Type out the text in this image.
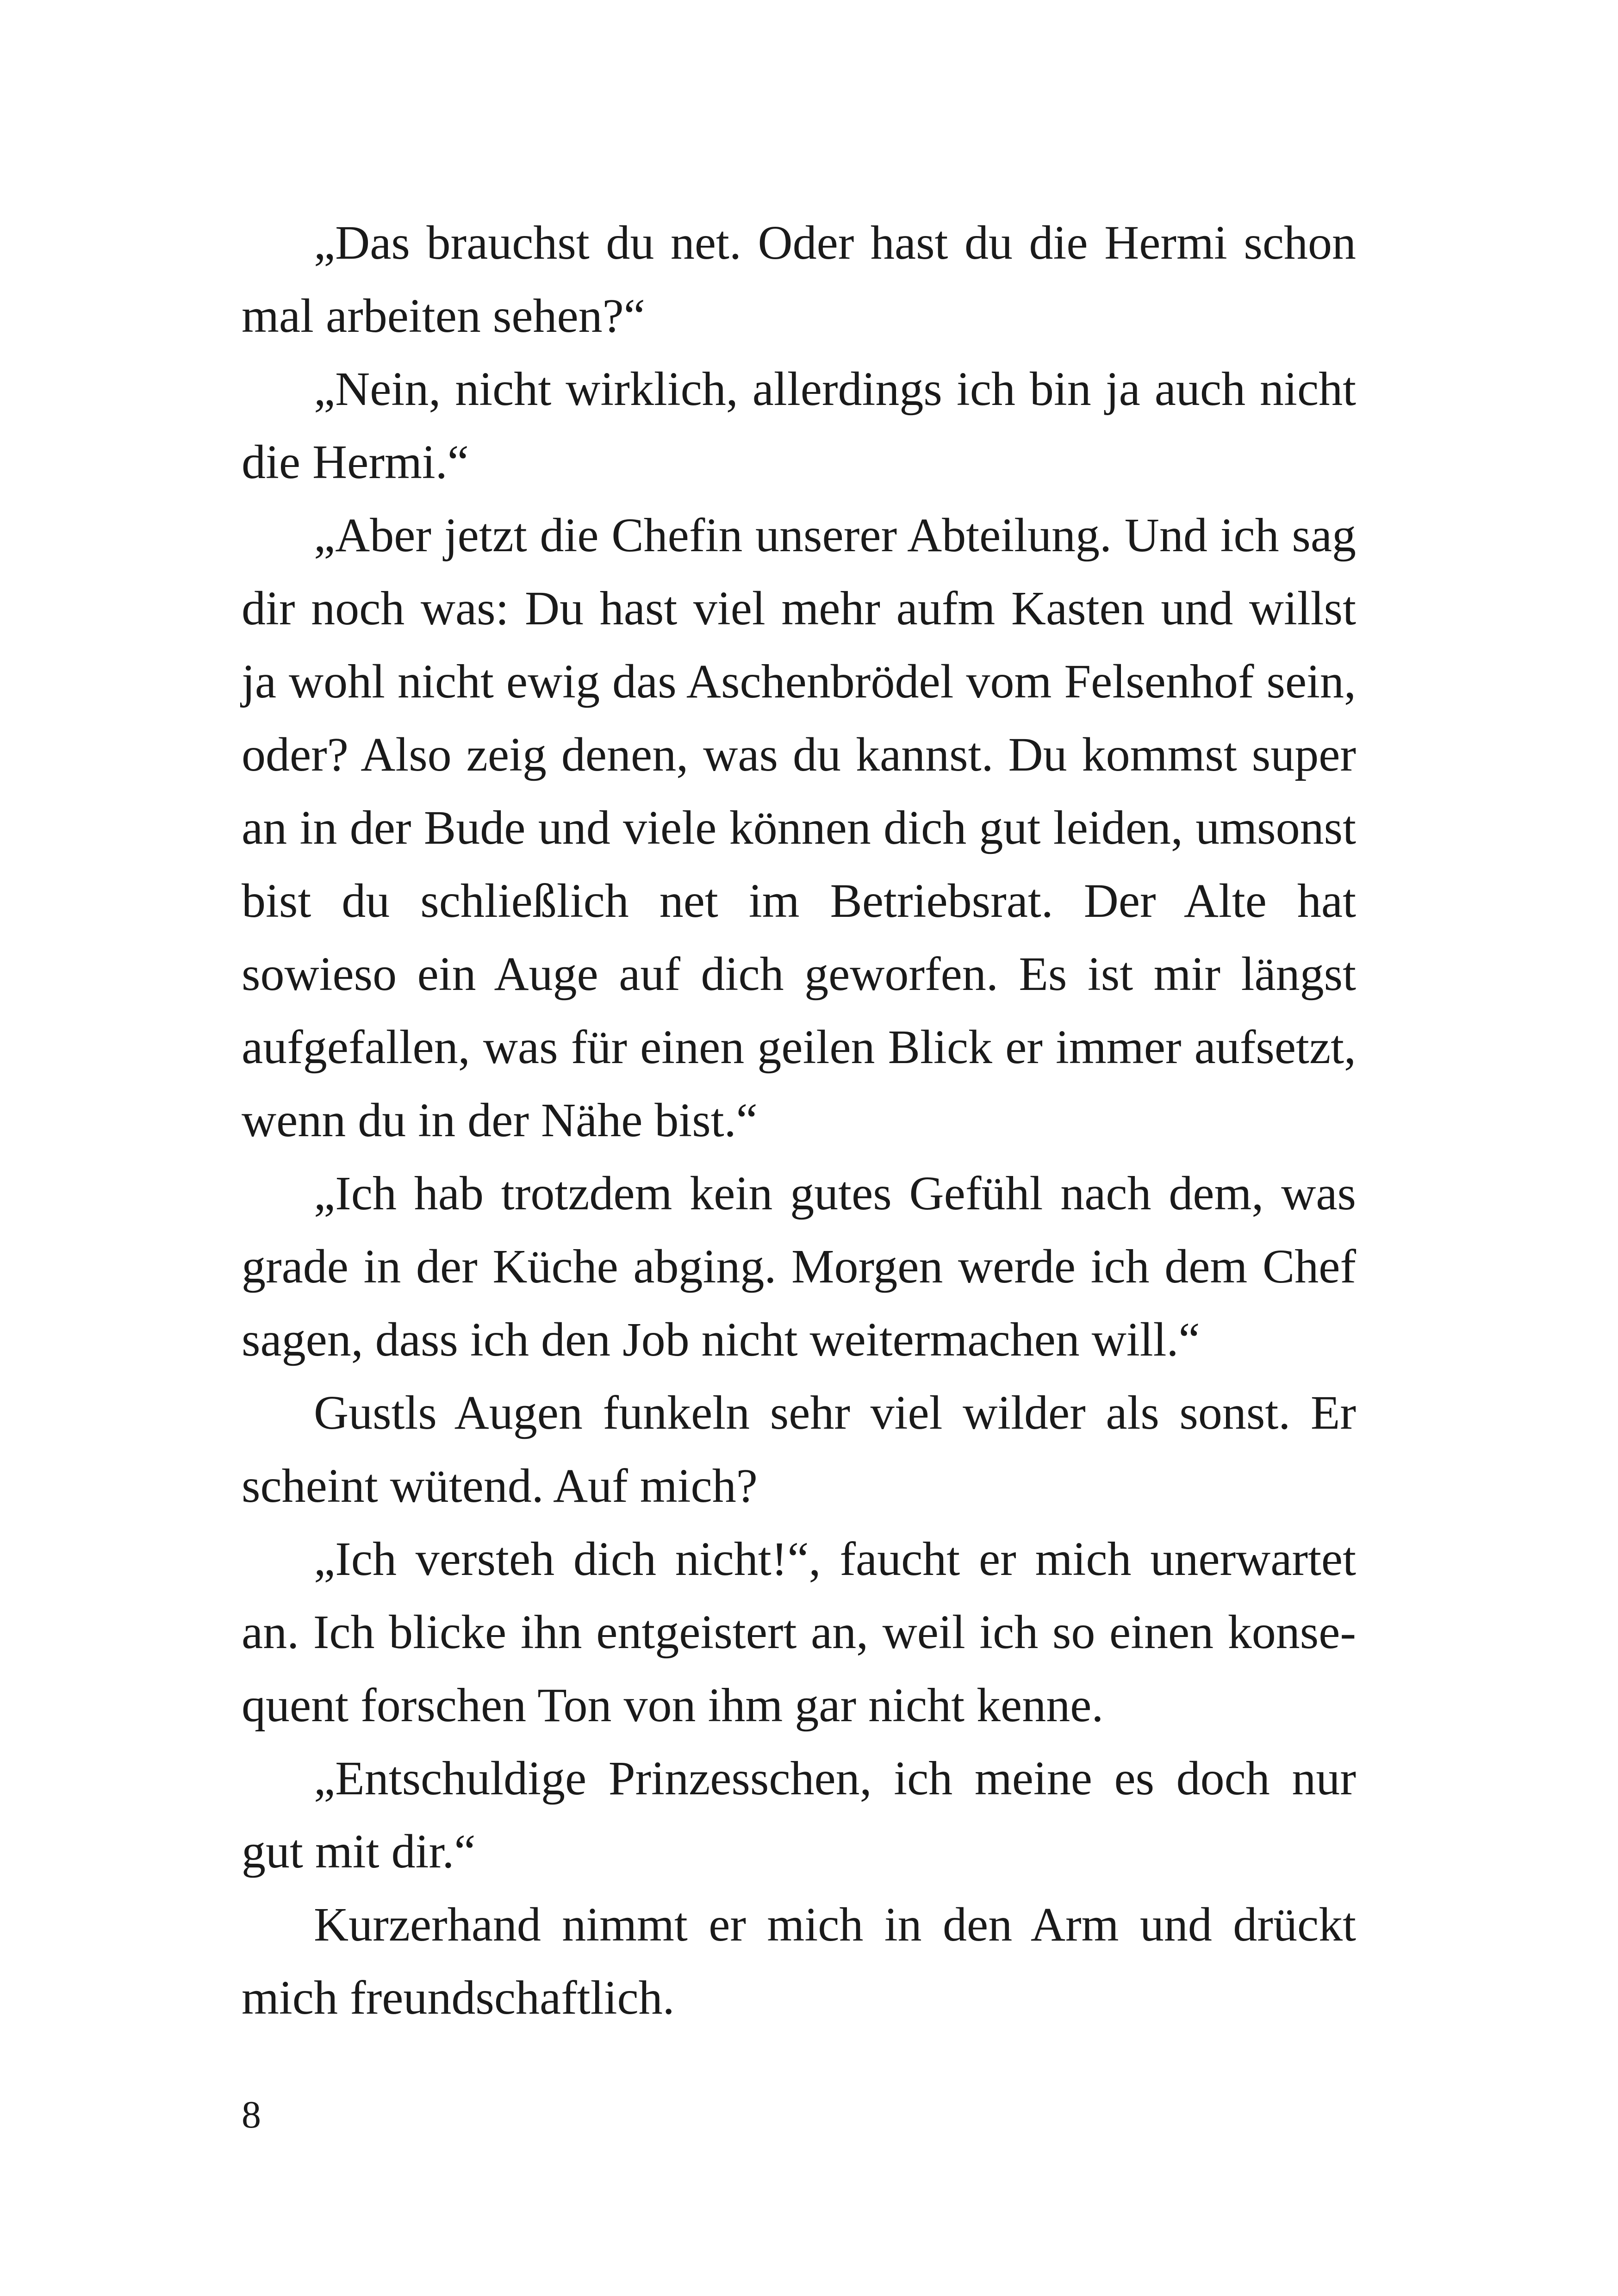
„Das brauchst du net. Oder hast du die Hermi schon mal arbeiten sehen?“

„Nein, nicht wirklich, allerdings ich bin ja auch nicht die Hermi.“

„Aber jetzt die Chefin unserer Abteilung. Und ich sag dir noch was: Du hast viel mehr aufm Kasten und willst ja wohl nicht ewig das Aschenbrödel vom Felsenhof sein, oder? Also zeig denen, was du kannst. Du kommst super an in der Bude und viele können dich gut leiden, umsonst bist du schließlich net im Betriebsrat. Der Alte hat sowieso ein Auge auf dich geworfen. Es ist mir längst aufgefallen, was für einen geilen Blick er immer aufsetzt, wenn du in der Nähe bist.“

„Ich hab trotzdem kein gutes Gefühl nach dem, was grade in der Küche abging. Morgen werde ich dem Chef sagen, dass ich den Job nicht weitermachen will.“

Gustls Augen funkeln sehr viel wilder als sonst. Er scheint wütend. Auf mich?

„Ich versteh dich nicht!“, faucht er mich unerwartet an. Ich blicke ihn entgeistert an, weil ich so einen konsequent forschen Ton von ihm gar nicht kenne.

„Entschuldige Prinzesschen, ich meine es doch nur gut mit dir.“

Kurzerhand nimmt er mich in den Arm und drückt mich freundschaftlich.

8
